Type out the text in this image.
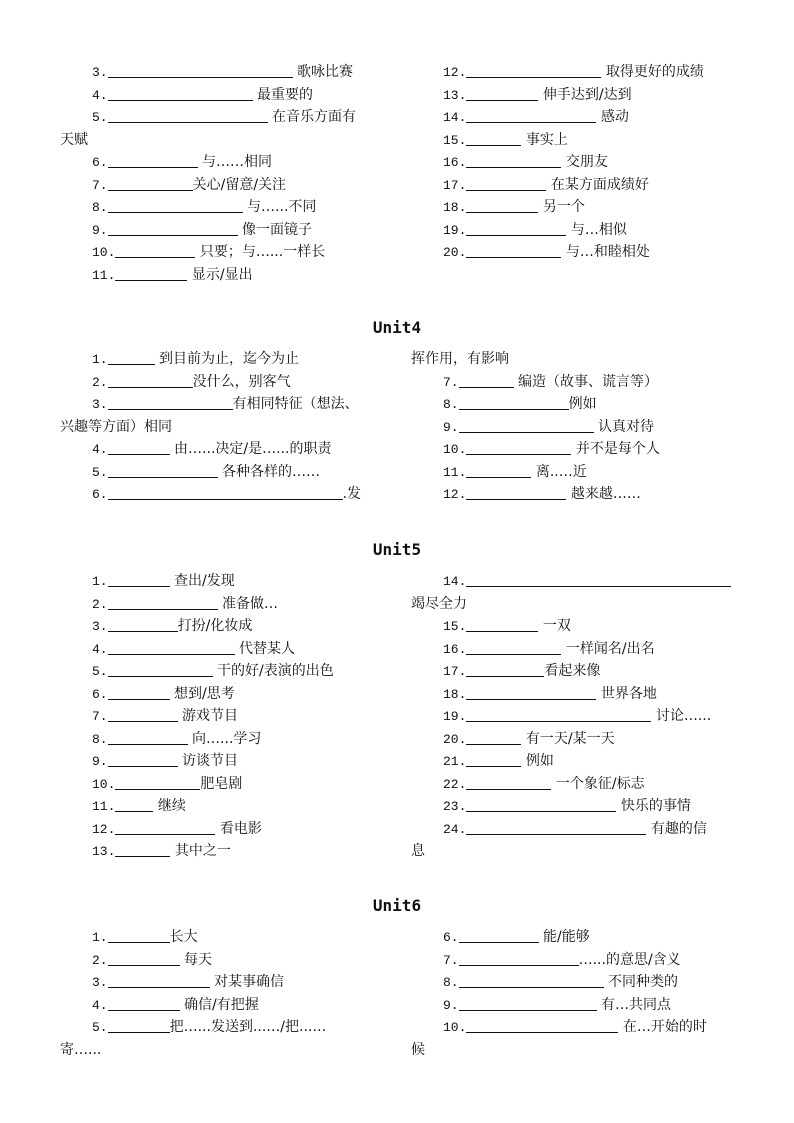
3.	歌咏比赛
4.	最重要的
5.	在音乐方面有
天赋
6.	与……相同
7.	关心/留意/关注
8.	与…...不同
9.	像一面镜子
10.	只要；与…...一样长
11.	显示/显出
12.	取得更好的成绩
13.	伸手达到/达到
14.	感动
15.	事实上
16.	交朋友
17.	在某方面成绩好
18.	另一个
19.	与…相似
20.	与…和睦相处
Unit4
1.	到目前为止，迄今为止
2.	没什么，别客气
3.	有相同特征（想法、
兴趣等方面）相同
4.	由…...决定/是…...的职责
5.	各种各样的……
6.	.发
挥作用，有影响
7.	编造（故事、谎言等）
8.	例如
9.	认真对待
10.	并不是每个人
11.	离..…近
12.	越来越……
Unit5
1.	查出/发现
2.	准备做…
3.	打扮/化妆成
4.	代替某人
5.	干的好/表演的出色
6.	想到/思考
7.	游戏节目
8.	向…...学习
9.	访谈节目
10.	肥皂剧
11.	继续
12.	看电影
13.	其中之一
14.
竭尽全力
15.	一双
16.	一样闻名/出名
17.	看起来像
18.	世界各地
19.	讨论…...
20.	有一天/某一天
21.	例如
22.	一个象征/标志
23.	快乐的事情
24.	有趣的信
息
Unit6
1.	长大
2.	每天
3.	对某事确信
4.	确信/有把握
5.	把…...发送到...…/把...…
寄…...
6.	能/能够
7.	…...的意思/含义
8.	不同种类的
9.	有…共同点
10.	在…开始的时
候
